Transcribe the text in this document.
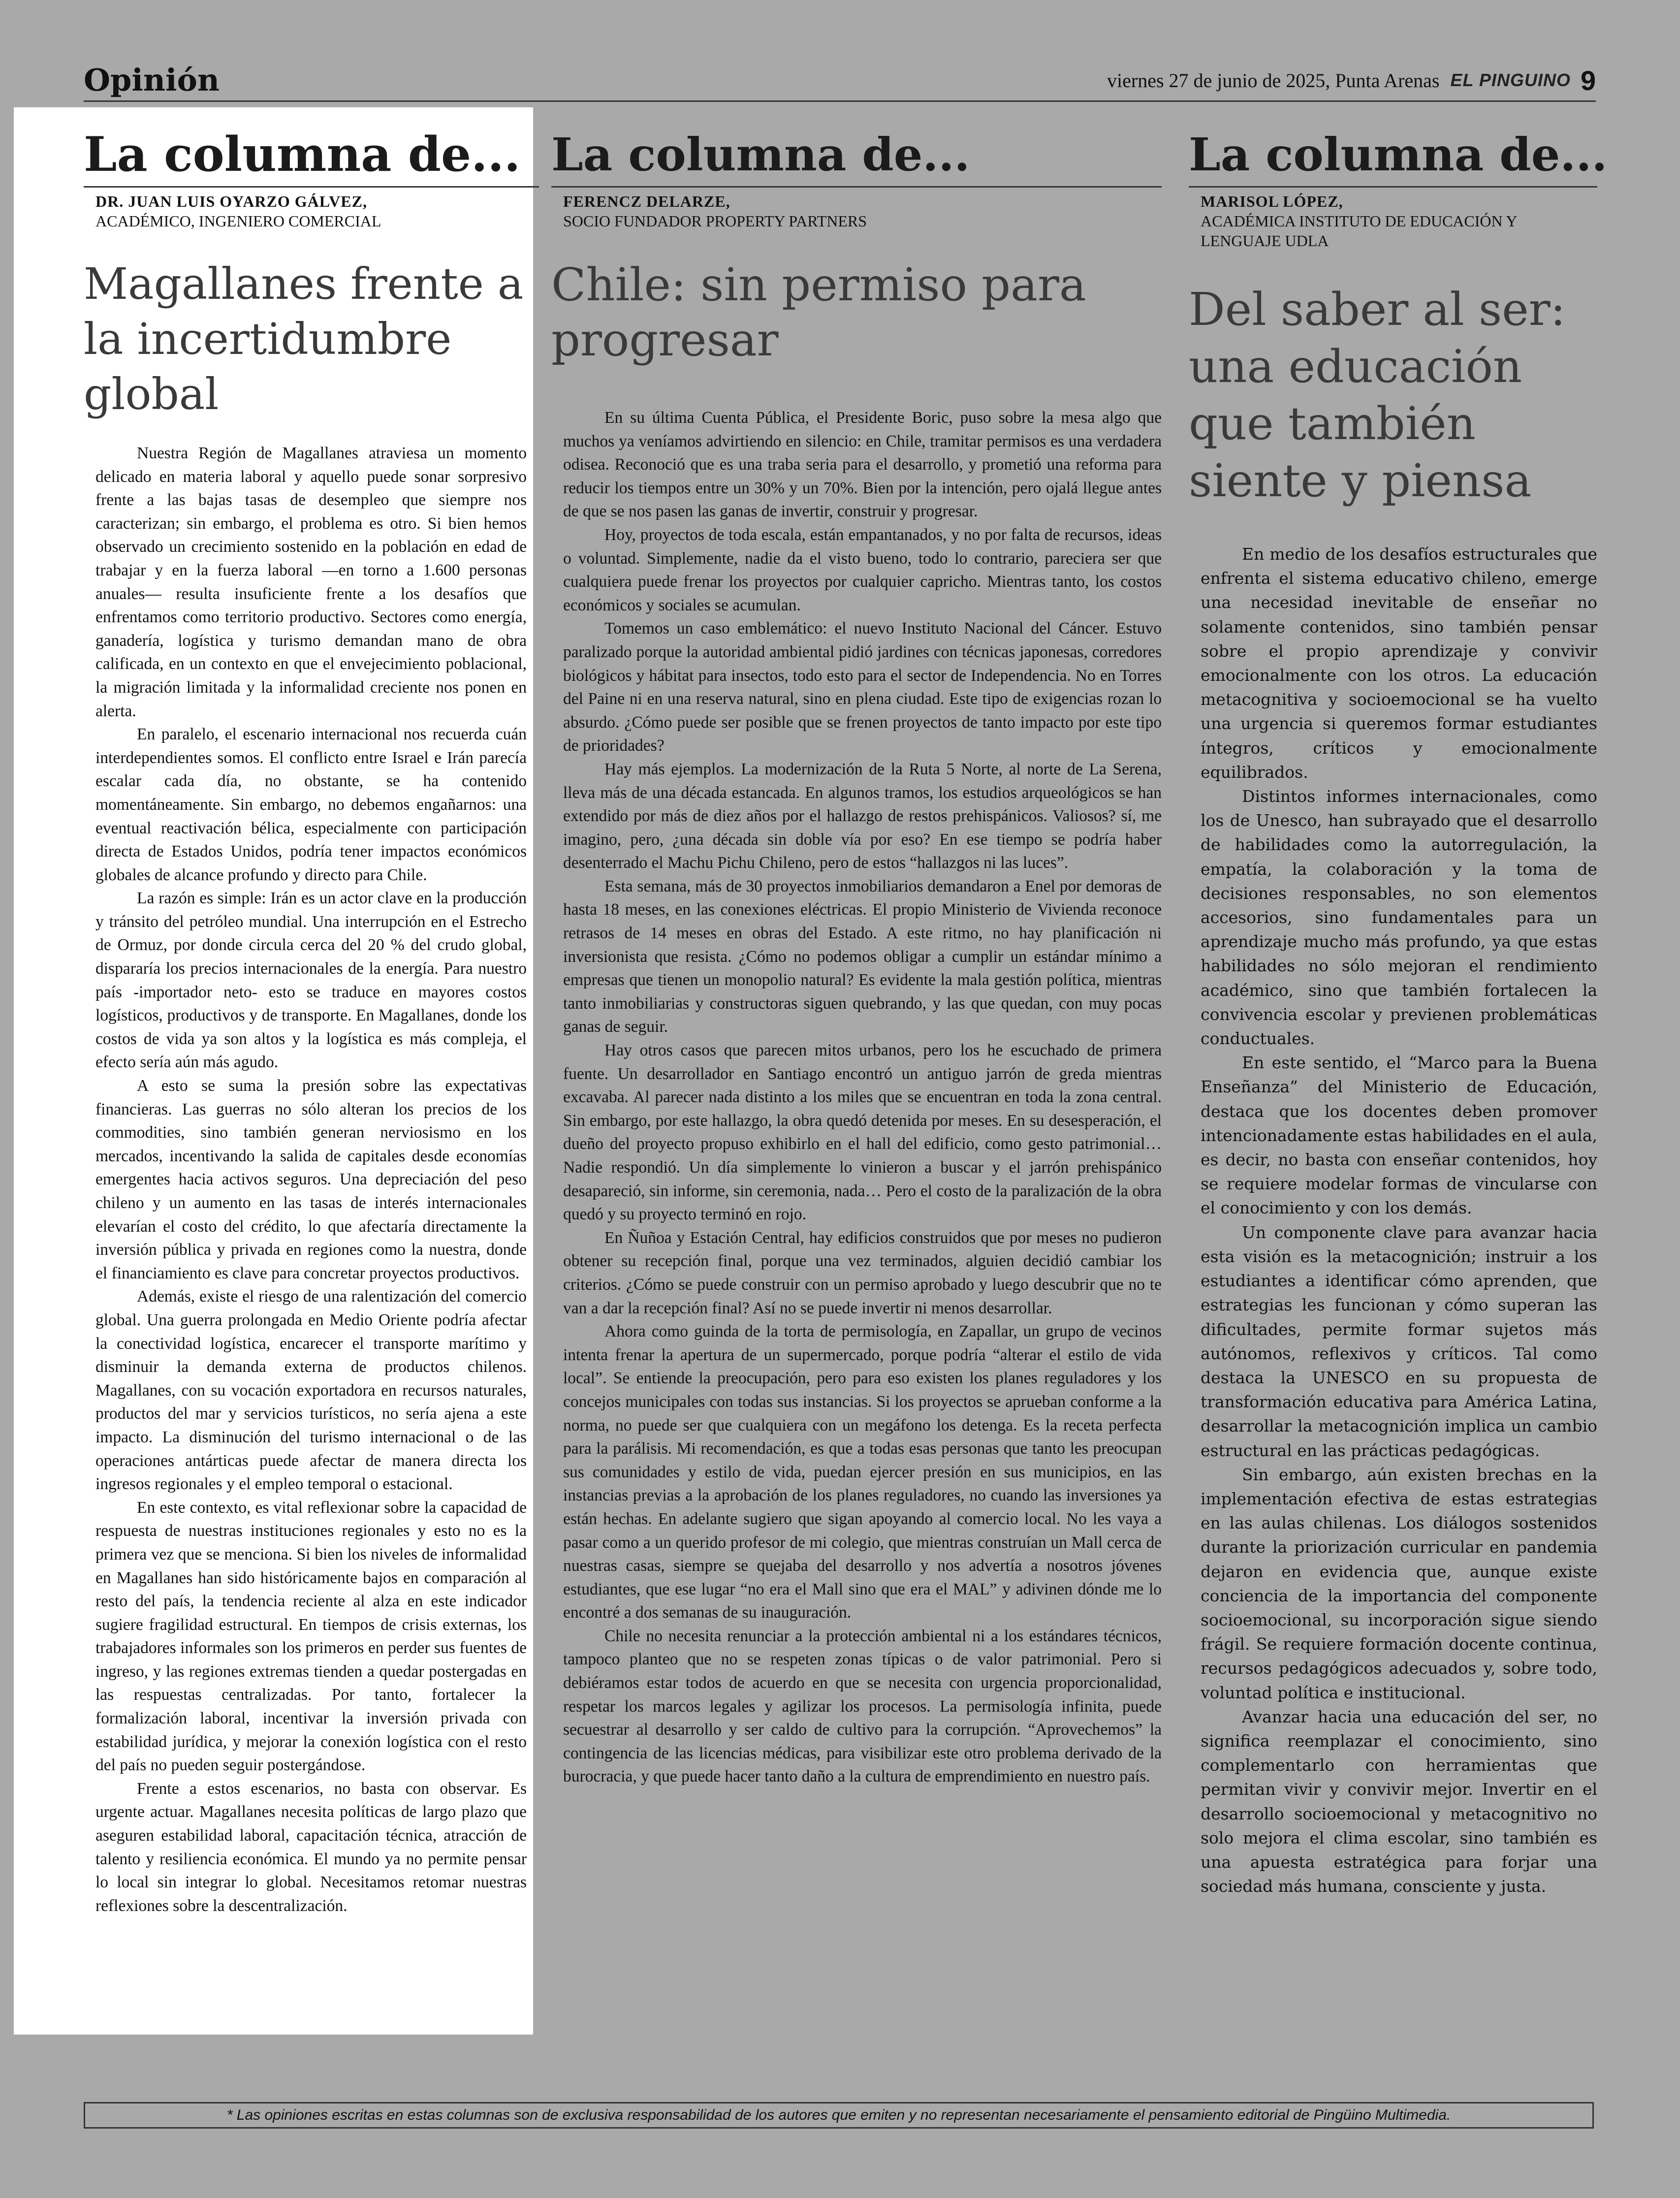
Opinión	viernes 27 de junio de 2025, Punta Arenas EL PINGUINO 9
La columna de...
DR. JUAN LUIS OYARZO GÁLVEZ,
ACADÉMICO, INGENIERO COMERCIAL
Magallanes frente a la incertidumbre global

Nuestra Región de Magallanes atraviesa un momento delicado en materia laboral y aquello puede sonar sorpresivo frente a las bajas tasas de desempleo que siempre nos caracterizan; sin embargo, el problema es otro. Si bien hemos observado un crecimiento sostenido en la población en edad de trabajar y en la fuerza laboral —en torno a 1.600 personas anuales— resulta insuficiente frente a los desafíos que enfrentamos como territorio productivo. Sectores como energía, ganadería, logística y turismo demandan mano de obra calificada, en un contexto en que el envejecimiento poblacional, la migración limitada y la informalidad creciente nos ponen en alerta.

En paralelo, el escenario internacional nos recuerda cuán interdependientes somos. El conflicto entre Israel e Irán parecía escalar cada día, no obstante, se ha contenido momentáneamente. Sin embargo, no debemos engañarnos: una eventual reactivación bélica, especialmente con participación directa de Estados Unidos, podría tener impactos económicos globales de alcance profundo y directo para Chile.

La razón es simple: Irán es un actor clave en la producción y tránsito del petróleo mundial. Una interrupción en el Estrecho de Ormuz, por donde circula cerca del 20 % del crudo global, dispararía los precios internacionales de la energía. Para nuestro país -importador neto- esto se traduce en mayores costos logísticos, productivos y de transporte. En Magallanes, donde los costos de vida ya son altos y la logística es más compleja, el efecto sería aún más agudo.

A esto se suma la presión sobre las expectativas financieras. Las guerras no sólo alteran los precios de los commodities, sino también generan nerviosismo en los mercados, incentivando la salida de capitales desde economías emergentes hacia activos seguros. Una depreciación del peso chileno y un aumento en las tasas de interés internacionales elevarían el costo del crédito, lo que afectaría directamente la inversión pública y privada en regiones como la nuestra, donde el financiamiento es clave para concretar proyectos productivos.

Además, existe el riesgo de una ralentización del comercio global. Una guerra prolongada en Medio Oriente podría afectar la conectividad logística, encarecer el transporte marítimo y disminuir la demanda externa de productos chilenos. Magallanes, con su vocación exportadora en recursos naturales, productos del mar y servicios turísticos, no sería ajena a este impacto. La disminución del turismo internacional o de las operaciones antárticas puede afectar de manera directa los ingresos regionales y el empleo temporal o estacional.

En este contexto, es vital reflexionar sobre la capacidad de respuesta de nuestras instituciones regionales y esto no es la primera vez que se menciona. Si bien los niveles de informalidad en Magallanes han sido históricamente bajos en comparación al resto del país, la tendencia reciente al alza en este indicador sugiere fragilidad estructural. En tiempos de crisis externas, los trabajadores informales son los primeros en perder sus fuentes de ingreso, y las regiones extremas tienden a quedar postergadas en las respuestas centralizadas. Por tanto, fortalecer la formalización laboral, incentivar la inversión privada con estabilidad jurídica, y mejorar la conexión logística con el resto del país no pueden seguir postergándose.

Frente a estos escenarios, no basta con observar. Es urgente actuar. Magallanes necesita políticas de largo plazo que aseguren estabilidad laboral, capacitación técnica, atracción de talento y resiliencia económica. El mundo ya no permite pensar lo local sin integrar lo global. Necesitamos retomar nuestras reflexiones sobre la descentralización.

La columna de...
FERENCZ DELARZE,
SOCIO FUNDADOR PROPERTY PARTNERS
Chile: sin permiso para progresar

En su última Cuenta Pública, el Presidente Boric, puso sobre la mesa algo que muchos ya veníamos advirtiendo en silencio: en Chile, tramitar permisos es una verdadera odisea. Reconoció que es una traba seria para el desarrollo, y prometió una reforma para reducir los tiempos entre un 30% y un 70%. Bien por la intención, pero ojalá llegue antes de que se nos pasen las ganas de invertir, construir y progresar.

Hoy, proyectos de toda escala, están empantanados, y no por falta de recursos, ideas o voluntad. Simplemente, nadie da el visto bueno, todo lo contrario, pareciera ser que cualquiera puede frenar los proyectos por cualquier capricho. Mientras tanto, los costos económicos y sociales se acumulan.

Tomemos un caso emblemático: el nuevo Instituto Nacional del Cáncer. Estuvo paralizado porque la autoridad ambiental pidió jardines con técnicas japonesas, corredores biológicos y hábitat para insectos, todo esto para el sector de Independencia. No en Torres del Paine ni en una reserva natural, sino en plena ciudad. Este tipo de exigencias rozan lo absurdo. ¿Cómo puede ser posible que se frenen proyectos de tanto impacto por este tipo de prioridades?

Hay más ejemplos. La modernización de la Ruta 5 Norte, al norte de La Serena, lleva más de una década estancada. En algunos tramos, los estudios arqueológicos se han extendido por más de diez años por el hallazgo de restos prehispánicos. Valiosos? sí, me imagino, pero, ¿una década sin doble vía por eso? En ese tiempo se podría haber desenterrado el Machu Pichu Chileno, pero de estos “hallazgos ni las luces”.

Esta semana, más de 30 proyectos inmobiliarios demandaron a Enel por demoras de hasta 18 meses, en las conexiones eléctricas. El propio Ministerio de Vivienda reconoce retrasos de 14 meses en obras del Estado. A este ritmo, no hay planificación ni inversionista que resista. ¿Cómo no podemos obligar a cumplir un estándar mínimo a empresas que tienen un monopolio natural? Es evidente la mala gestión política, mientras tanto inmobiliarias y constructoras siguen quebrando, y las que quedan, con muy pocas ganas de seguir.

Hay otros casos que parecen mitos urbanos, pero los he escuchado de primera fuente. Un desarrollador en Santiago encontró un antiguo jarrón de greda mientras excavaba. Al parecer nada distinto a los miles que se encuentran en toda la zona central. Sin embargo, por este hallazgo, la obra quedó detenida por meses. En su desesperación, el dueño del proyecto propuso exhibirlo en el hall del edificio, como gesto patrimonial… Nadie respondió. Un día simplemente lo vinieron a buscar y el jarrón prehispánico desapareció, sin informe, sin ceremonia, nada… Pero el costo de la paralización de la obra quedó y su proyecto terminó en rojo.

En Ñuñoa y Estación Central, hay edificios construidos que por meses no pudieron obtener su recepción final, porque una vez terminados, alguien decidió cambiar los criterios. ¿Cómo se puede construir con un permiso aprobado y luego descubrir que no te van a dar la recepción final? Así no se puede invertir ni menos desarrollar.

Ahora como guinda de la torta de permisología, en Zapallar, un grupo de vecinos intenta frenar la apertura de un supermercado, porque podría “alterar el estilo de vida local”. Se entiende la preocupación, pero para eso existen los planes reguladores y los concejos municipales con todas sus instancias. Si los proyectos se aprueban conforme a la norma, no puede ser que cualquiera con un megáfono los detenga. Es la receta perfecta para la parálisis. Mi recomendación, es que a todas esas personas que tanto les preocupan sus comunidades y estilo de vida, puedan ejercer presión en sus municipios, en las instancias previas a la aprobación de los planes reguladores, no cuando las inversiones ya están hechas. En adelante sugiero que sigan apoyando al comercio local. No les vaya a pasar como a un querido profesor de mi colegio, que mientras construían un Mall cerca de nuestras casas, siempre se quejaba del desarrollo y nos advertía a nosotros jóvenes estudiantes, que ese lugar “no era el Mall sino que era el MAL” y adivinen dónde me lo encontré a dos semanas de su inauguración.

Chile no necesita renunciar a la protección ambiental ni a los estándares técnicos, tampoco planteo que no se respeten zonas típicas o de valor patrimonial. Pero si debiéramos estar todos de acuerdo en que se necesita con urgencia proporcionalidad, respetar los marcos legales y agilizar los procesos. La permisología infinita, puede secuestrar al desarrollo y ser caldo de cultivo para la corrupción. “Aprovechemos” la contingencia de las licencias médicas, para visibilizar este otro problema derivado de la burocracia, y que puede hacer tanto daño a la cultura de emprendimiento en nuestro país.

La columna de...
MARISOL LÓPEZ,
ACADÉMICA INSTITUTO DE EDUCACIÓN Y LENGUAJE UDLA
Del saber al ser: una educación que también siente y piensa

En medio de los desafíos estructurales que enfrenta el sistema educativo chileno, emerge una necesidad inevitable de enseñar no solamente contenidos, sino también pensar sobre el propio aprendizaje y convivir emocionalmente con los otros. La educación metacognitiva y socioemocional se ha vuelto una urgencia si queremos formar estudiantes íntegros, críticos y emocionalmente equilibrados.

Distintos informes internacionales, como los de Unesco, han subrayado que el desarrollo de habilidades como la autorregulación, la empatía, la colaboración y la toma de decisiones responsables, no son elementos accesorios, sino fundamentales para un aprendizaje mucho más profundo, ya que estas habilidades no sólo mejoran el rendimiento académico, sino que también fortalecen la convivencia escolar y previenen problemáticas conductuales.

En este sentido, el “Marco para la Buena Enseñanza” del Ministerio de Educación, destaca que los docentes deben promover intencionadamente estas habilidades en el aula, es decir, no basta con enseñar contenidos, hoy se requiere modelar formas de vincularse con el conocimiento y con los demás.

Un componente clave para avanzar hacia esta visión es la metacognición; instruir a los estudiantes a identificar cómo aprenden, que estrategias les funcionan y cómo superan las dificultades, permite formar sujetos más autónomos, reflexivos y críticos. Tal como destaca la UNESCO en su propuesta de transformación educativa para América Latina, desarrollar la metacognición implica un cambio estructural en las prácticas pedagógicas.

Sin embargo, aún existen brechas en la implementación efectiva de estas estrategias en las aulas chilenas. Los diálogos sostenidos durante la priorización curricular en pandemia dejaron en evidencia que, aunque existe conciencia de la importancia del componente socioemocional, su incorporación sigue siendo frágil. Se requiere formación docente continua, recursos pedagógicos adecuados y, sobre todo, voluntad política e institucional.

Avanzar hacia una educación del ser, no significa reemplazar el conocimiento, sino complementarlo con herramientas que permitan vivir y convivir mejor. Invertir en el desarrollo socioemocional y metacognitivo no solo mejora el clima escolar, sino también es una apuesta estratégica para forjar una sociedad más humana, consciente y justa.

* Las opiniones escritas en estas columnas son de exclusiva responsabilidad de los autores que emiten y no representan necesariamente el pensamiento editorial de Pingüino Multimedia.
